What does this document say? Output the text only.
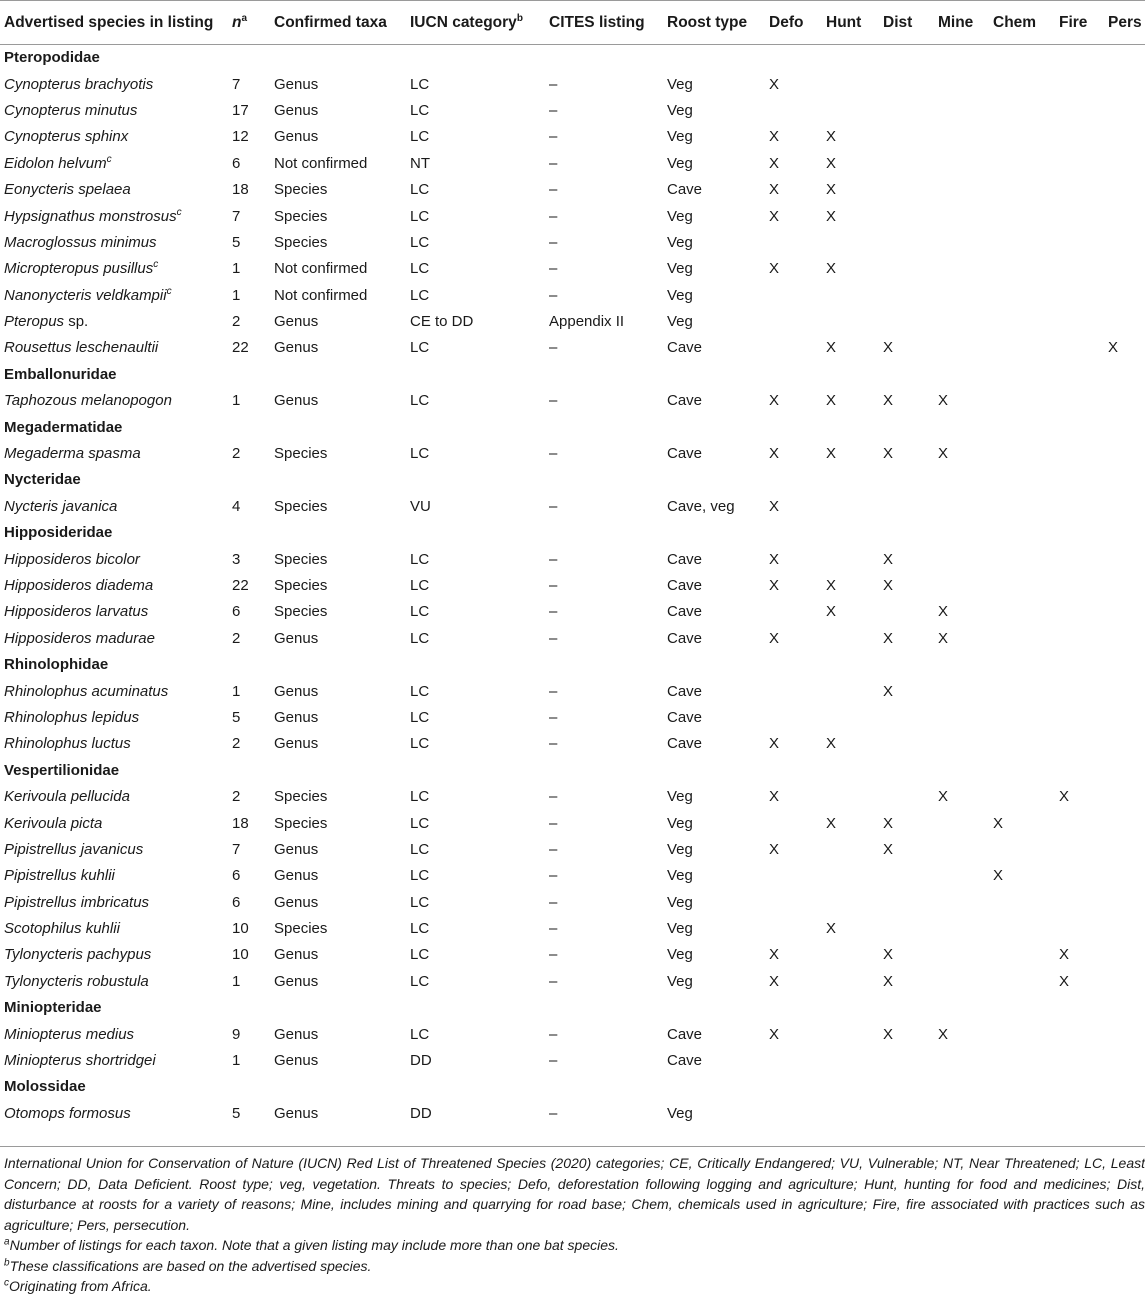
Advertised species in listing	$n^a$	Confirmed taxa	IUCN category$^b$	CITES listing	Roost type	Defo	Hunt	Dist	Mine	Chem	Fire	Pers
Pteropodidae												
Cynopterus brachyotis	7	Genus	LC	–	Veg	X						
Cynopterus minutus	17	Genus	LC	–	Veg							
Cynopterus sphinx	12	Genus	LC	–	Veg	X	X					
Eidolon helvum$^c$	6	Not confirmed	NT	–	Veg	X	X					
Eonycteris spelaea	18	Species	LC	–	Cave	X	X					
Hypsignathus monstrosus$^c$	7	Species	LC	–	Veg	X	X					
Macroglossus minimus	5	Species	LC	–	Veg							
Micropteropus pusillus$^c$	1	Not confirmed	LC	–	Veg	X	X					
Nanonycteris veldkampii$^c$	1	Not confirmed	LC	–	Veg							
Pteropus sp.	2	Genus	CE to DD	Appendix II	Veg							
Rousettus leschenaultii	22	Genus	LC	–	Cave		X	X				X
Emballonuridae												
Taphozous melanopogon	1	Genus	LC	–	Cave	X	X	X	X			
Megadermatidae												
Megaderma spasma	2	Species	LC	–	Cave	X	X	X	X			
Nycteridae												
Nycteris javanica	4	Species	VU	–	Cave, veg	X						
Hipposideridae												
Hipposideros bicolor	3	Species	LC	–	Cave	X		X				
Hipposideros diadema	22	Species	LC	–	Cave	X	X	X				
Hipposideros larvatus	6	Species	LC	–	Cave		X		X			
Hipposideros madurae	2	Genus	LC	–	Cave	X		X	X			
Rhinolophidae												
Rhinolophus acuminatus	1	Genus	LC	–	Cave			X				
Rhinolophus lepidus	5	Genus	LC	–	Cave							
Rhinolophus luctus	2	Genus	LC	–	Cave	X	X					
Vespertilionidae												
Kerivoula pellucida	2	Species	LC	–	Veg	X			X		X	
Kerivoula picta	18	Species	LC	–	Veg		X	X		X		
Pipistrellus javanicus	7	Genus	LC	–	Veg	X		X				
Pipistrellus kuhlii	6	Genus	LC	–	Veg					X		
Pipistrellus imbricatus	6	Genus	LC	–	Veg							
Scotophilus kuhlii	10	Species	LC	–	Veg		X					
Tylonycteris pachypus	10	Genus	LC	–	Veg	X		X			X	
Tylonycteris robustula	1	Genus	LC	–	Veg	X		X			X	
Miniopteridae												
Miniopterus medius	9	Genus	LC	–	Cave	X		X	X			
Miniopterus shortridgei	1	Genus	DD	–	Cave							
Molossidae												
Otomops formosus	5	Genus	DD	–	Veg							

International Union for Conservation of Nature (IUCN) Red List of Threatened Species (2020) categories; CE, Critically Endangered; VU, Vulnerable; NT, Near Threatened; LC, Least Concern; DD, Data Deficient. Roost type; veg, vegetation. Threats to species; Defo, deforestation following logging and agriculture; Hunt, hunting for food and medicines; Dist, disturbance at roosts for a variety of reasons; Mine, includes mining and quarrying for road base; Chem, chemicals used in agriculture; Fire, fire associated with practices such as agriculture; Pers, persecution.

$^a$Number of listings for each taxon. Note that a given listing may include more than one bat species.

$^b$These classifications are based on the advertised species.

$^c$Originating from Africa.
